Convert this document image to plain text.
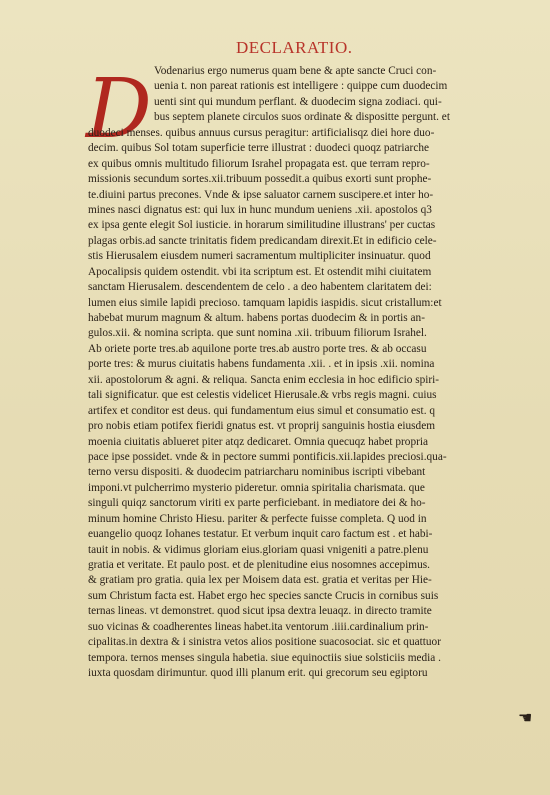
DECLARATIO.
D Vodenarius ergo numerus quam bene & apte sancte Cruci con-
uenia t. non pareat rationis est intelligere : quippe cum duodecim
uenti sint qui mundum perflant. & duodecim signa zodiaci. qui-
bus septem planete circulos suos ordinate & dispositte pergunt. et
duodeci menses. quibus annuus cursus peragitur: artificialisqz diei hore duo-
decim. quibus Sol totam superficie terre illustrat : duodeci quoqz patriarche
ex quibus omnis multitudo filiorum Israhel propagata est. que terram repro-
missionis secundum sortes.xii.tribuum possedit.a quibus exorti sunt prophe-
te.diuini partus precones. Vnde & ipse saluator carnem suscipere.et inter ho-
mines nasci dignatus est: qui lux in hunc mundum ueniens .xii. apostolos q3
ex ipsa gente elegit Sol iusticie. in horarum similitudine illustrans' per cuctas
plagas orbis.ad sancte trinitatis fidem predicandam direxit.Et in edificio cele-
stis Hierusalem eiusdem numeri sacramentum multipliciter insinuatur. quod
Apocalipsis quidem ostendit. vbi ita scriptum est. Et ostendit mihi ciuitatem
sanctam Hierusalem. descendentem de celo . a deo habentem claritatem dei:
lumen eius simile lapidi precioso. tamquam lapidis iaspidis. sicut cristallum:et
habebat murum magnum & altum. habens portas duodecim & in portis an-
gulos.xii. & nomina scripta. que sunt nomina .xii. tribuum filiorum Israhel.
Ab oriete porte tres.ab aquilone porte tres.ab austro porte tres. & ab occasu
porte tres: & murus ciuitatis habens fundamenta .xii. . et in ipsis .xii. nomina
xii. apostolorum & agni. & reliqua. Sancta enim ecclesia in hoc edificio spiri-
tali significatur. que est celestis videlicet Hierusale.& vrbs regis magni. cuius
artifex et conditor est deus. qui fundamentum eius simul et consumatio est. q
pro nobis etiam potifex fieridi gnatus est. vt proprij sanguinis hostia eiusdem
moenia ciuitatis ablueret piter atqz dedicaret. Omnia quecuqz habet propria
pace ipse possidet. vnde & in pectore summi pontificis.xii.lapides preciosi.qua-
terno versu dispositi. & duodecim patriarcharu nominibus iscripti vibebant
imponi.vt pulcherrimo mysterio pideretur. omnia spiritalia charismata. que
singuli quiqz sanctorum viriti ex parte perficiebant. in mediatore dei & ho-
minum homine Christo Hiesu. pariter & perfecte fuisse completa. Q uod in
euangelio quoqz Iohanes testatur. Et verbum inquit caro factum est . et habi-
tauit in nobis. & vidimus gloriam eius.gloriam quasi vnigeniti a patre.plenu
gratia et veritate. Et paulo post. et de plenitudine eius nosomnes accepimus.
& gratiam pro gratia. quia lex per Moisem data est. gratia et veritas per Hie-
sum Christum facta est. Habet ergo hec species sancte Crucis in cornibus suis
ternas lineas. vt demonstret. quod sicut ipsa dextra leuaqz. in directo tramite
suo vicinas & coadherentes lineas habet.ita ventorum .iiii.cardinalium prin-
cipalitas.in dextra & i sinistra vetos alios positione suacosociat. sic et quattuor
tempora. ternos menses singula habetia. siue equinoctiis siue solsticiis media .
iuxta quosdam dirimuntur. quod illi planum erit. qui grecorum seu egiptoru
☚
